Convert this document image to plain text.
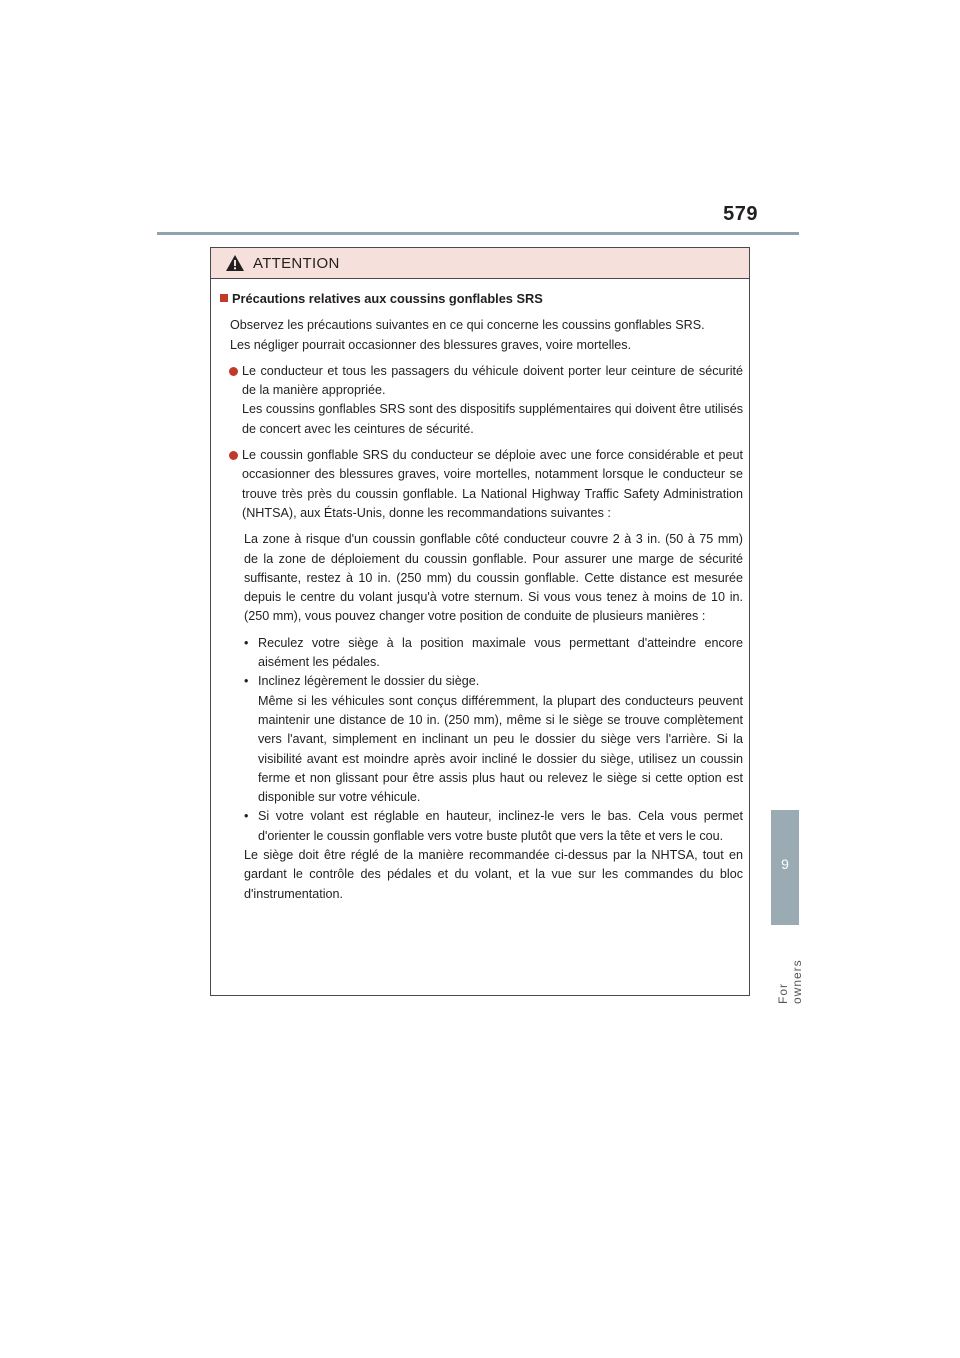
579
9
For owners
ATTENTION
Précautions relatives aux coussins gonflables SRS

Observez les précautions suivantes en ce qui concerne les coussins gonflables SRS.

Les négliger pourrait occasionner des blessures graves, voire mortelles.

Le conducteur et tous les passagers du véhicule doivent porter leur ceinture de sécurité de la manière appropriée.

Les coussins gonflables SRS sont des dispositifs supplémentaires qui doivent être utilisés de concert avec les ceintures de sécurité.

Le coussin gonflable SRS du conducteur se déploie avec une force considérable et peut occasionner des blessures graves, voire mortelles, notamment lorsque le conducteur se trouve très près du coussin gonflable. La National Highway Traffic Safety Administration (NHTSA), aux États-Unis, donne les recommandations suivantes :

La zone à risque d'un coussin gonflable côté conducteur couvre 2 à 3 in. (50 à 75 mm) de la zone de déploiement du coussin gonflable. Pour assurer une marge de sécurité suffisante, restez à 10 in. (250 mm) du coussin gonflable. Cette distance est mesurée depuis le centre du volant jusqu'à votre sternum. Si vous vous tenez à moins de 10 in. (250 mm), vous pouvez changer votre position de conduite de plusieurs manières :

• Reculez votre siège à la position maximale vous permettant d'atteindre encore aisément les pédales.
• Inclinez légèrement le dossier du siège.
Même si les véhicules sont conçus différemment, la plupart des conducteurs peuvent maintenir une distance de 10 in. (250 mm), même si le siège se trouve complètement vers l'avant, simplement en inclinant un peu le dossier du siège vers l'arrière. Si la visibilité avant est moindre après avoir incliné le dossier du siège, utilisez un coussin ferme et non glissant pour être assis plus haut ou relevez le siège si cette option est disponible sur votre véhicule.
• Si votre volant est réglable en hauteur, inclinez-le vers le bas. Cela vous permet d'orienter le coussin gonflable vers votre buste plutôt que vers la tête et vers le cou.
Le siège doit être réglé de la manière recommandée ci-dessus par la NHTSA, tout en gardant le contrôle des pédales et du volant, et la vue sur les commandes du bloc d'instrumentation.
